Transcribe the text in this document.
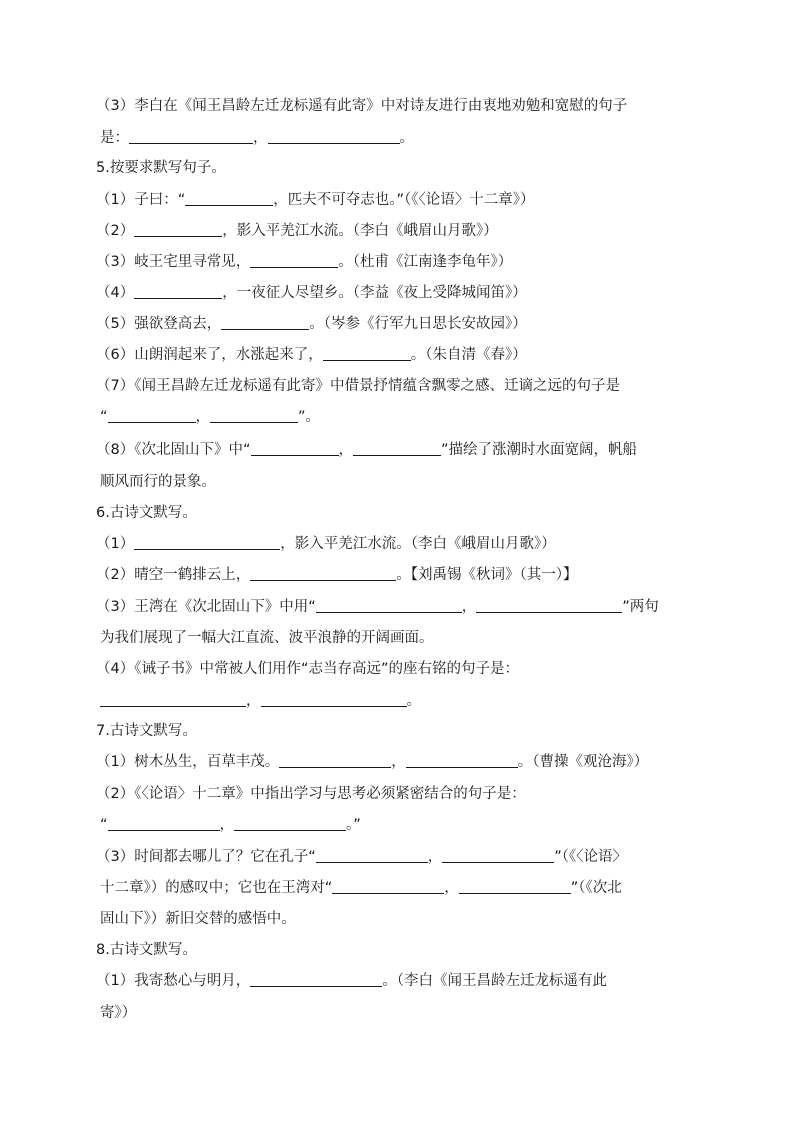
（3）李白在《闻王昌龄左迁龙标遥有此寄》中对诗友进行由衷地劝勉和宽慰的句子
是：	，	。
5.按要求默写句子。
（1）子曰：“	，匹夫不可夺志也。”（《〈论语〉十二章》）
（2）	，影入平羌江水流。（李白《峨眉山月歌》）
（3）岐王宅里寻常见，	。（杜甫《江南逢李龟年》）
（4）	，一夜征人尽望乡。（李益《夜上受降城闻笛》）
（5）强欲登高去，	。（岑参《行军九日思长安故园》）
（6）山朗润起来了，水涨起来了，	。（朱自清《春》）
（7）《闻王昌龄左迁龙标遥有此寄》中借景抒情蕴含飘零之感、迁谪之远的句子是
“	，	”。
（8）《次北固山下》中“	，	”描绘了涨潮时水面宽阔，帆船
顺风而行的景象。
6.古诗文默写。
（1）	，影入平羌江水流。（李白《峨眉山月歌》）
（2）晴空一鹤排云上，	。【刘禹锡《秋词》（其一）】
（3）王湾在《次北固山下》中用“	，	”两句
为我们展现了一幅大江直流、波平浪静的开阔画面。
（4）《诫子书》中常被人们用作“志当存高远”的座右铭的句子是：
，	。
7.古诗文默写。
（1）树木丛生，百草丰茂。	，	。（曹操《观沧海》）
（2）《〈论语〉十二章》中指出学习与思考必须紧密结合的句子是：
“	，	。”
（3）时间都去哪儿了？它在孔子“	，	”（《〈论语〉
十二章》）的感叹中；它也在王湾对“	，	”（《次北
固山下》）新旧交替的感悟中。
8.古诗文默写。
（1）我寄愁心与明月，	。（李白《闻王昌龄左迁龙标遥有此
寄》）
